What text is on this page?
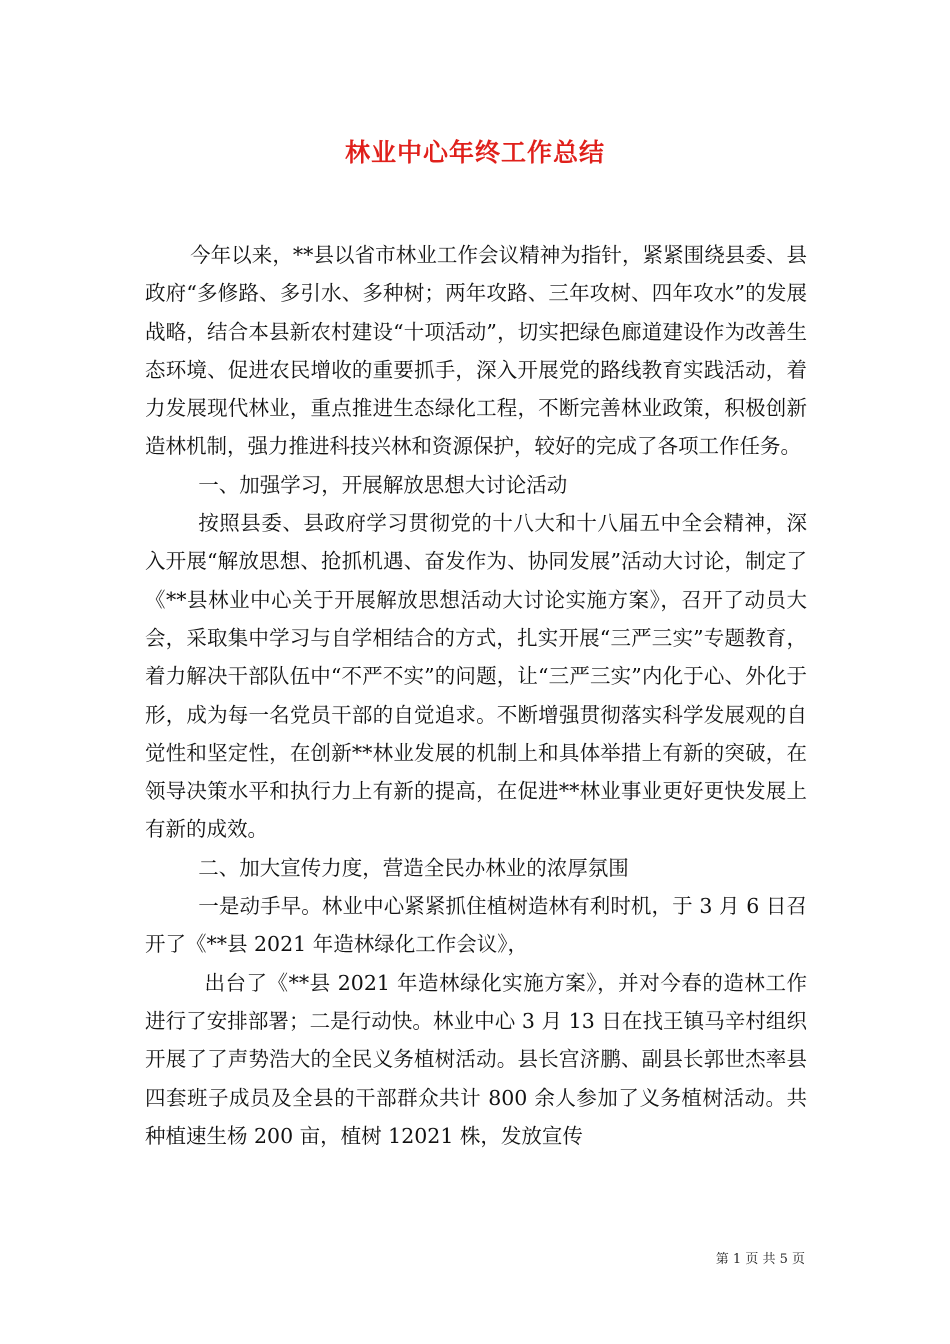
林业中心年终工作总结

今年以来，**县以省市林业工作会议精神为指针，紧紧围绕县委、县政府“多修路、多引水、多种树；两年攻路、三年攻树、四年攻水”的发展战略，结合本县新农村建设“十项活动”，切实把绿色廊道建设作为改善生态环境、促进农民增收的重要抓手，深入开展党的路线教育实践活动，着力发展现代林业，重点推进生态绿化工程，不断完善林业政策，积极创新造林机制，强力推进科技兴林和资源保护，较好的完成了各项工作任务。

一、加强学习，开展解放思想大讨论活动

按照县委、县政府学习贯彻党的十八大和十八届五中全会精神，深入开展“解放思想、抢抓机遇、奋发作为、协同发展”活动大讨论，制定了《**县林业中心关于开展解放思想活动大讨论实施方案》，召开了动员大会，采取集中学习与自学相结合的方式，扎实开展“三严三实”专题教育，着力解决干部队伍中“不严不实”的问题，让“三严三实”内化于心、外化于形，成为每一名党员干部的自觉追求。不断增强贯彻落实科学发展观的自觉性和坚定性，在创新**林业发展的机制上和具体举措上有新的突破，在领导决策水平和执行力上有新的提高，在促进**林业事业更好更快发展上有新的成效。

二、加大宣传力度，营造全民办林业的浓厚氛围

一是动手早。林业中心紧紧抓住植树造林有利时机，于 3 月 6 日召开了《**县 2021 年造林绿化工作会议》，

出台了《**县 2021 年造林绿化实施方案》，并对今春的造林工作进行了安排部署；二是行动快。林业中心 3 月 13 日在找王镇马辛村组织开展了了声势浩大的全民义务植树活动。县长宫济鹏、副县长郭世杰率县四套班子成员及全县的干部群众共计 800 余人参加了义务植树活动。共种植速生杨 200 亩，植树 12021 株，发放宣传

第 1 页 共 5 页
